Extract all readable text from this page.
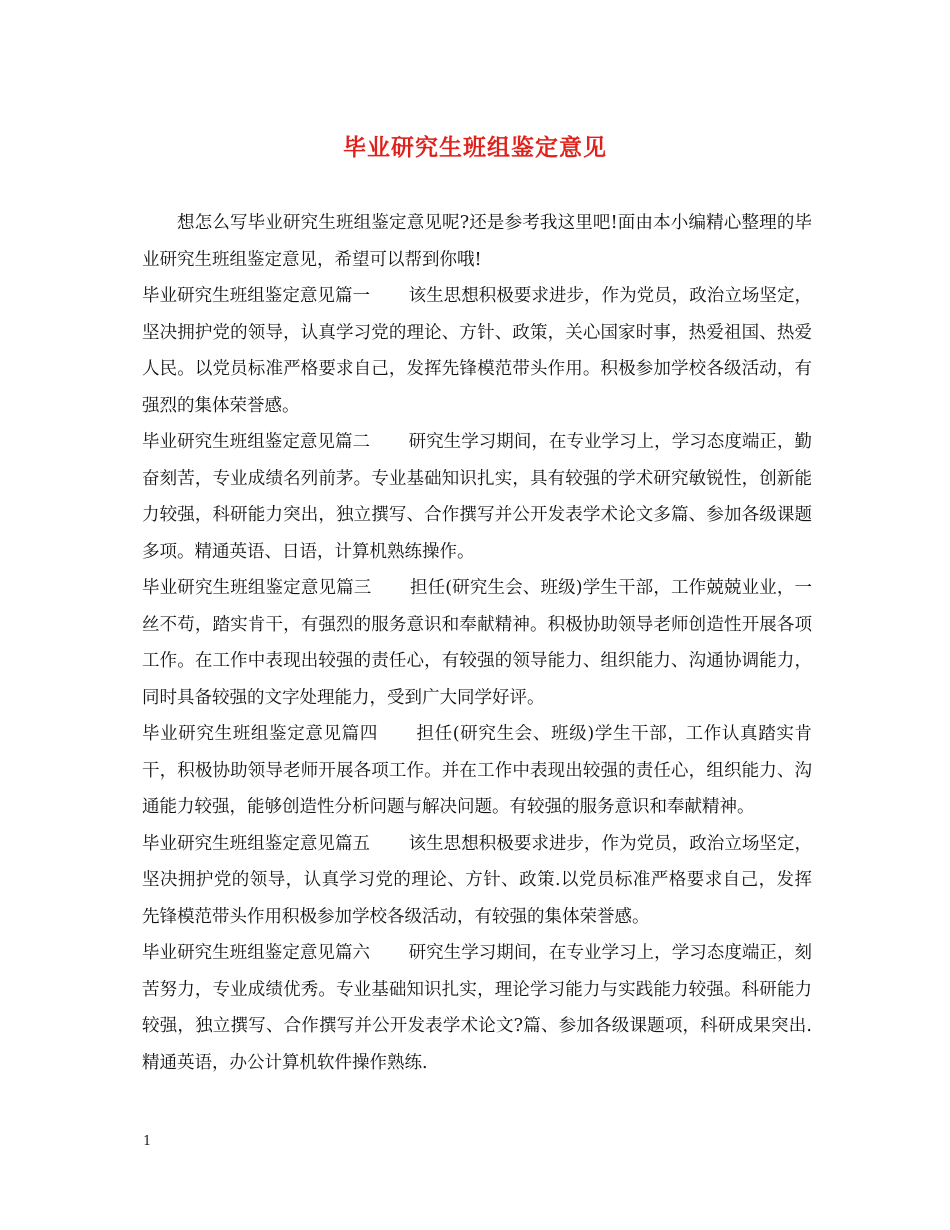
毕业研究生班组鉴定意见

想怎么写毕业研究生班组鉴定意见呢?还是参考我这里吧!面由本小编精心整理的毕业研究生班组鉴定意见，希望可以帮到你哦!

毕业研究生班组鉴定意见篇一 该生思想积极要求进步，作为党员，政治立场坚定，坚决拥护党的领导，认真学习党的理论、方针、政策，关心国家时事，热爱祖国、热爱人民。以党员标准严格要求自己，发挥先锋模范带头作用。积极参加学校各级活动，有强烈的集体荣誉感。

毕业研究生班组鉴定意见篇二 研究生学习期间，在专业学习上，学习态度端正，勤奋刻苦，专业成绩名列前茅。专业基础知识扎实，具有较强的学术研究敏锐性，创新能力较强，科研能力突出，独立撰写、合作撰写并公开发表学术论文多篇、参加各级课题多项。精通英语、日语，计算机熟练操作。

毕业研究生班组鉴定意见篇三 担任(研究生会、班级)学生干部，工作兢兢业业，一丝不苟，踏实肯干，有强烈的服务意识和奉献精神。积极协助领导老师创造性开展各项工作。在工作中表现出较强的责任心，有较强的领导能力、组织能力、沟通协调能力，同时具备较强的文字处理能力，受到广大同学好评。

毕业研究生班组鉴定意见篇四 担任(研究生会、班级)学生干部，工作认真踏实肯干，积极协助领导老师开展各项工作。并在工作中表现出较强的责任心，组织能力、沟通能力较强，能够创造性分析问题与解决问题。有较强的服务意识和奉献精神。

毕业研究生班组鉴定意见篇五 该生思想积极要求进步，作为党员，政治立场坚定，坚决拥护党的领导，认真学习党的理论、方针、政策.以党员标准严格要求自己，发挥先锋模范带头作用积极参加学校各级活动，有较强的集体荣誉感。

毕业研究生班组鉴定意见篇六 研究生学习期间，在专业学习上，学习态度端正，刻苦努力，专业成绩优秀。专业基础知识扎实，理论学习能力与实践能力较强。科研能力较强，独立撰写、合作撰写并公开发表学术论文?篇、参加各级课题项，科研成果突出.精通英语，办公计算机软件操作熟练.

1
